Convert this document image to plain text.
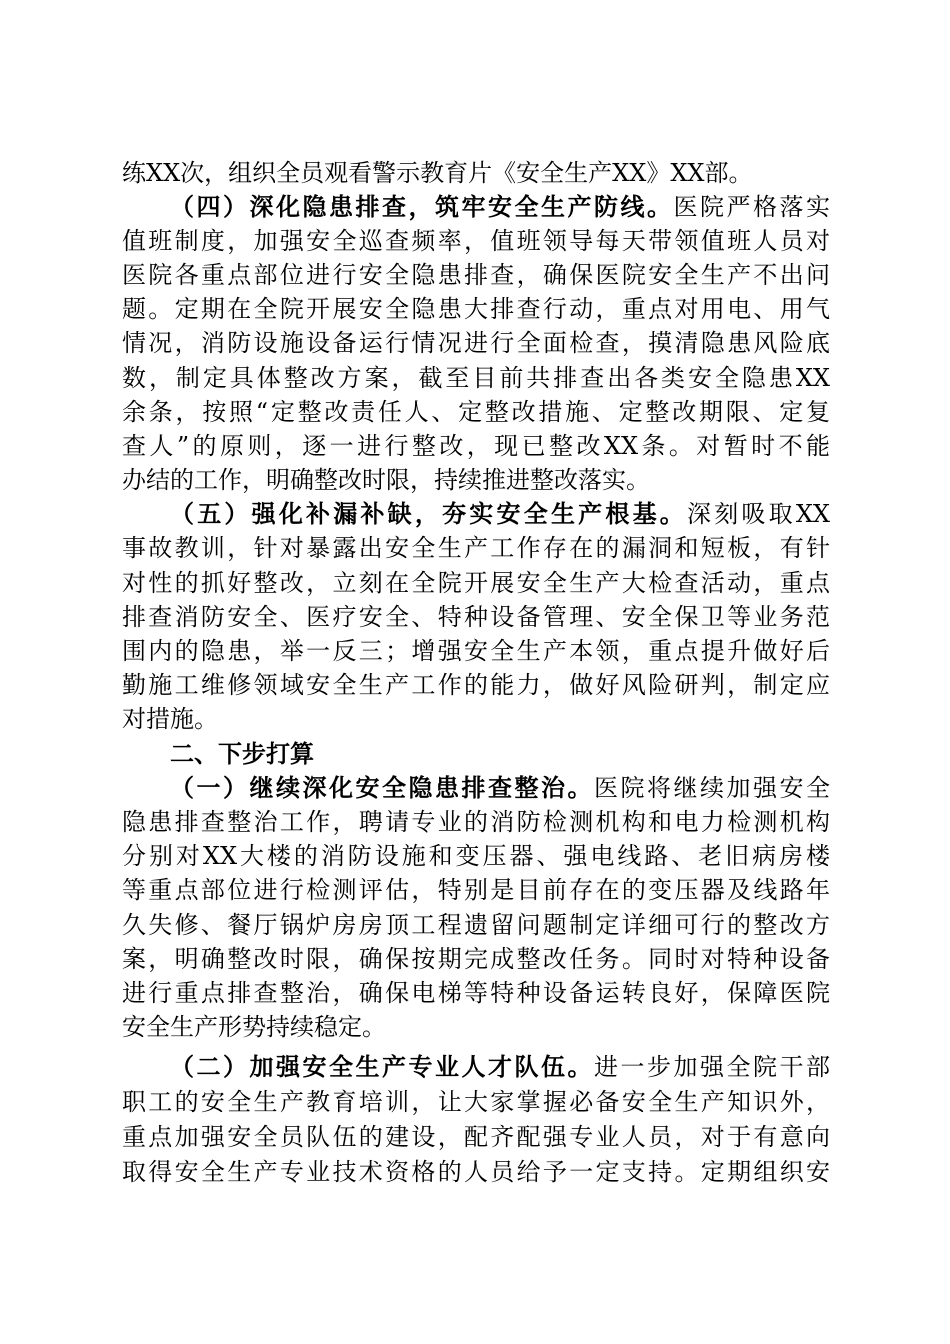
练XX次，组织全员观看警示教育片《安全生产XX》XX部。
（四）深化隐患排查，筑牢安全生产防线。医院严格落实
值班制度，加强安全巡查频率，值班领导每天带领值班人员对
医院各重点部位进行安全隐患排查，确保医院安全生产不出问
题。定期在全院开展安全隐患大排查行动，重点对用电、用气
情况，消防设施设备运行情况进行全面检查，摸清隐患风险底
数，制定具体整改方案，截至目前共排查出各类安全隐患XX
余条，按照“定整改责任人、定整改措施、定整改期限、定复
查人”的原则，逐一进行整改，现已整改XX条。对暂时不能
办结的工作，明确整改时限，持续推进整改落实。
（五）强化补漏补缺，夯实安全生产根基。深刻吸取XX
事故教训，针对暴露出安全生产工作存在的漏洞和短板，有针
对性的抓好整改，立刻在全院开展安全生产大检查活动，重点
排查消防安全、医疗安全、特种设备管理、安全保卫等业务范
围内的隐患，举一反三；增强安全生产本领，重点提升做好后
勤施工维修领域安全生产工作的能力，做好风险研判，制定应
对措施。
二、下步打算
（一）继续深化安全隐患排查整治。医院将继续加强安全
隐患排查整治工作，聘请专业的消防检测机构和电力检测机构
分别对XX大楼的消防设施和变压器、强电线路、老旧病房楼
等重点部位进行检测评估，特别是目前存在的变压器及线路年
久失修、餐厅锅炉房房顶工程遗留问题制定详细可行的整改方
案，明确整改时限，确保按期完成整改任务。同时对特种设备
进行重点排查整治，确保电梯等特种设备运转良好，保障医院
安全生产形势持续稳定。
（二）加强安全生产专业人才队伍。进一步加强全院干部
职工的安全生产教育培训，让大家掌握必备安全生产知识外，
重点加强安全员队伍的建设，配齐配强专业人员，对于有意向
取得安全生产专业技术资格的人员给予一定支持。定期组织安
